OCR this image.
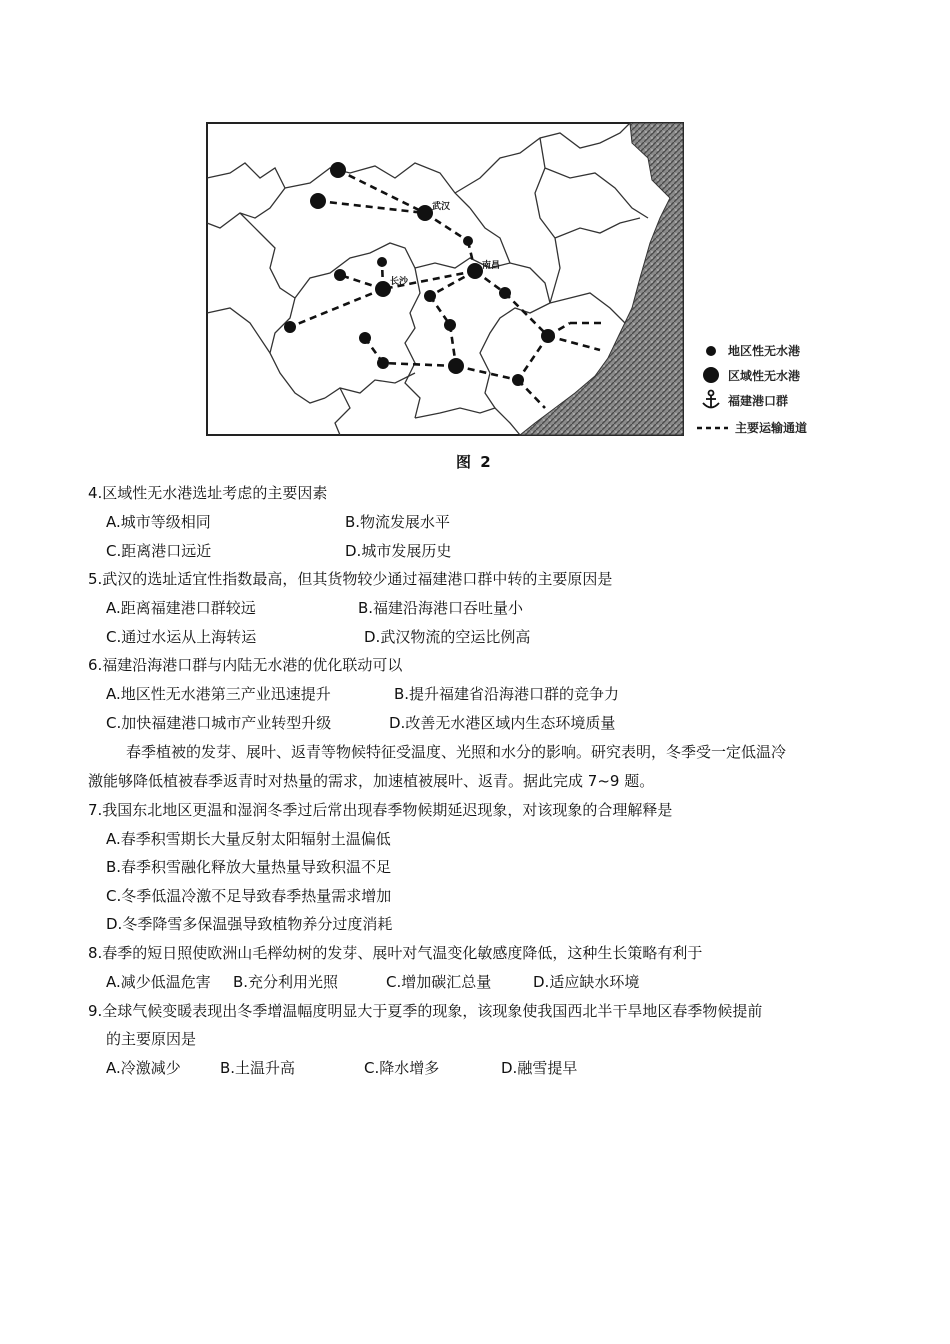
武汉
长沙
南昌
地区性无水港
区域性无水港
福建港口群
主要运输通道
图 2
4.区域性无水港选址考虑的主要因素
A.城市等级相同	B.物流发展水平
C.距离港口远近	D.城市发展历史
5.武汉的选址适宜性指数最高，但其货物较少通过福建港口群中转的主要原因是
A.距离福建港口群较远	B.福建沿海港口吞吐量小
C.通过水运从上海转运	D.武汉物流的空运比例高
6.福建沿海港口群与内陆无水港的优化联动可以
A.地区性无水港第三产业迅速提升	B.提升福建省沿海港口群的竞争力
C.加快福建港口城市产业转型升级	D.改善无水港区域内生态环境质量
春季植被的发芽、展叶、返青等物候特征受温度、光照和水分的影响。研究表明，冬季受一定低温冷
激能够降低植被春季返青时对热量的需求，加速植被展叶、返青。据此完成 7~9 题。
7.我国东北地区更温和湿润冬季过后常出现春季物候期延迟现象，对该现象的合理解释是
A.春季积雪期长大量反射太阳辐射土温偏低
B.春季积雪融化释放大量热量导致积温不足
C.冬季低温冷激不足导致春季热量需求增加
D.冬季降雪多保温强导致植物养分过度消耗
8.春季的短日照使欧洲山毛榉幼树的发芽、展叶对气温变化敏感度降低，这种生长策略有利于
A.减少低温危害 B.充分利用光照	C.增加碳汇总量	D.适应缺水环境
9.全球气候变暖表现出冬季增温幅度明显大于夏季的现象，该现象使我国西北半干旱地区春季物候提前
的主要原因是
A.冷激减少	B.土温升高	C.降水增多	D.融雪提早
